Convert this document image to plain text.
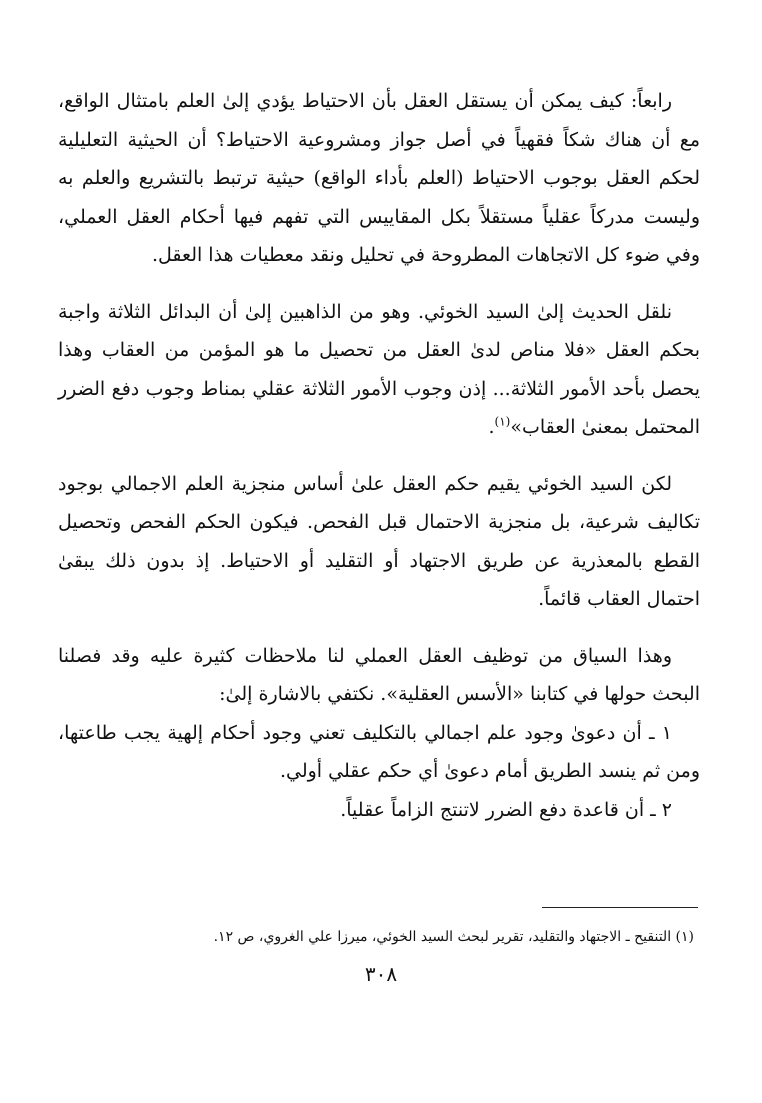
رابعاً: كيف يمكن أن يستقل العقل بأن الاحتياط يؤدي إلىٰ العلم بامتثال الواقع، مع أن هناك شكاً فقهياً في أصل جواز ومشروعية الاحتياط؟ أن الحيثية التعليلية لحكم العقل بوجوب الاحتياط (العلم بأداء الواقع) حيثية ترتبط بالتشريع والعلم به وليست مدركاً عقلياً مستقلاً بكل المقاييس التي تفهم فيها أحكام العقل العملي، وفي ضوء كل الاتجاهات المطروحة في تحليل ونقد معطيات هذا العقل.

نلقل الحديث إلىٰ السيد الخوئي. وهو من الذاهبين إلىٰ أن البدائل الثلاثة واجبة بحكم العقل «فلا مناص لدىٰ العقل من تحصيل ما هو المؤمن من العقاب وهذا يحصل بأحد الأمور الثلاثة... إذن وجوب الأمور الثلاثة عقلي بمناط وجوب دفع الضرر المحتمل بمعنىٰ العقاب»$^{(١)}$.

لكن السيد الخوئي يقيم حكم العقل علىٰ أساس منجزية العلم الاجمالي بوجود تكاليف شرعية، بل منجزية الاحتمال قبل الفحص. فيكون الحكم الفحص وتحصيل القطع بالمعذرية عن طريق الاجتهاد أو التقليد أو الاحتياط. إذ بدون ذلك يبقىٰ احتمال العقاب قائماً.

وهذا السياق من توظيف العقل العملي لنا ملاحظات كثيرة عليه وقد فصلنا البحث حولها في كتابنا «الأسس العقلية». نكتفي بالاشارة إلىٰ:

١ ـ أن دعوىٰ وجود علم اجمالي بالتكليف تعني وجود أحكام إلهية يجب طاعتها، ومن ثم ينسد الطريق أمام دعوىٰ أي حكم عقلي أولي.
٢ ـ أن قاعدة دفع الضرر لاتنتج الزاماً عقلياً.
(١) التنقيح ـ الاجتهاد والتقليد، تقرير لبحث السيد الخوئي، ميرزا علي الغروي، ص ١٢.
٣٠٨
